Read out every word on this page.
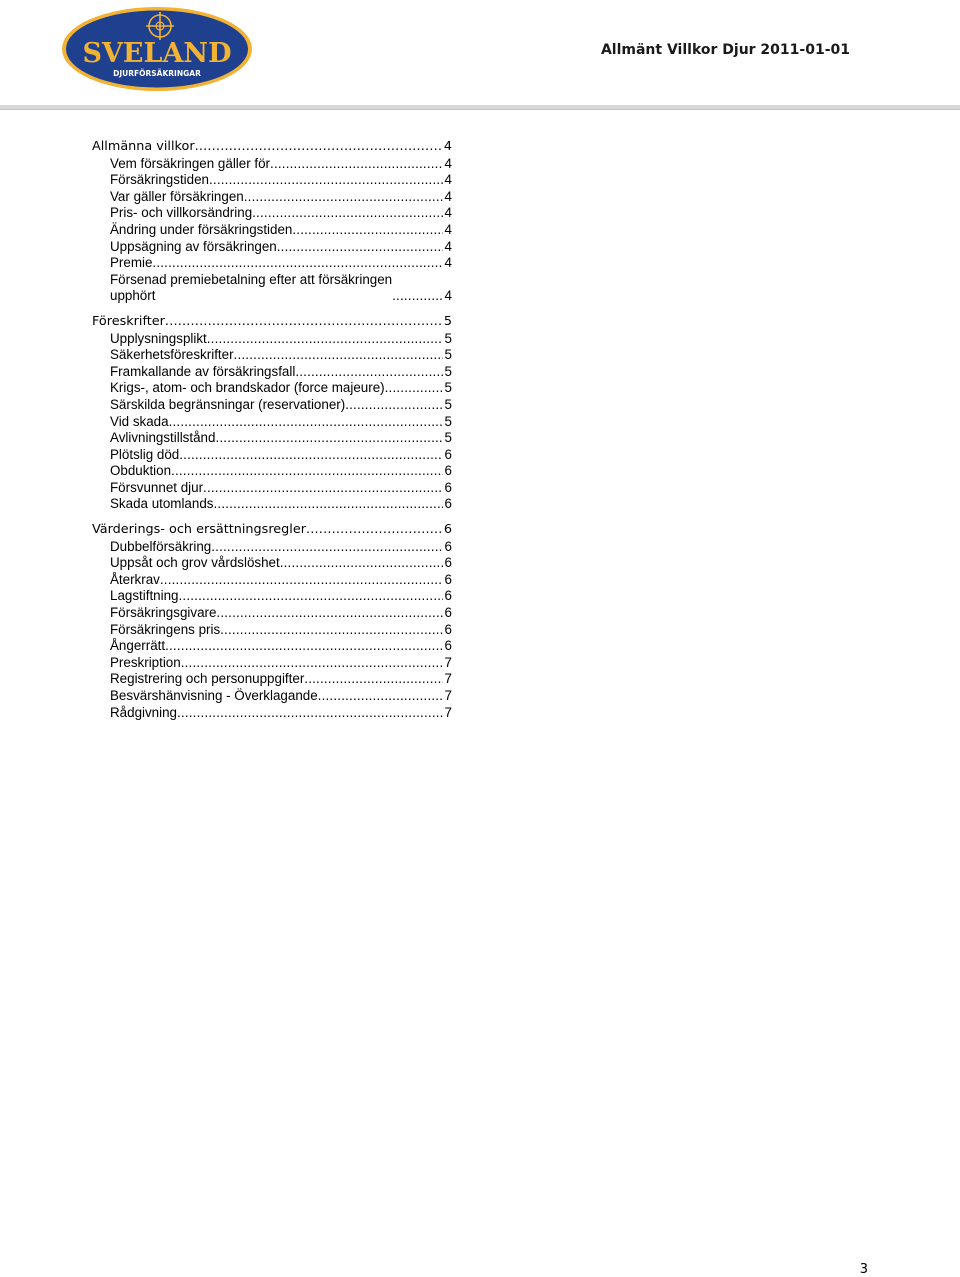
SVELAND
DJURFÖRSÄKRINGAR
Allmänt Villkor Djur 2011-01-01
Allmänna villkor .....	4
Vem försäkringen gäller för .....	4
Försäkringstiden .....	4
Var gäller försäkringen .....	4
Pris- och villkorsändring .....	4
Ändring under försäkringstiden .....	4
Uppsägning av försäkringen .....	4
Premie .....	4
Försenad premiebetalning efter att försäkringen
upphört .....	4
Föreskrifter .....	5
Upplysningsplikt .....	5
Säkerhetsföreskrifter .....	5
Framkallande av försäkringsfall .....	5
Krigs-, atom- och brandskador (force majeure) .....	5
Särskilda begränsningar (reservationer) .....	5
Vid skada .....	5
Avlivningstillstånd .....	5
Plötslig död .....	6
Obduktion .....	6
Försvunnet djur .....	6
Skada utomlands .....	6
Värderings- och ersättningsregler .....	6
Dubbelförsäkring .....	6
Uppsåt och grov vårdslöshet .....	6
Återkrav .....	6
Lagstiftning .....	6
Försäkringsgivare .....	6
Försäkringens pris .....	6
Ångerrätt .....	6
Preskription .....	7
Registrering och personuppgifter .....	7
Besvärshänvisning - Överklagande .....	7
Rådgivning .....	7
3
